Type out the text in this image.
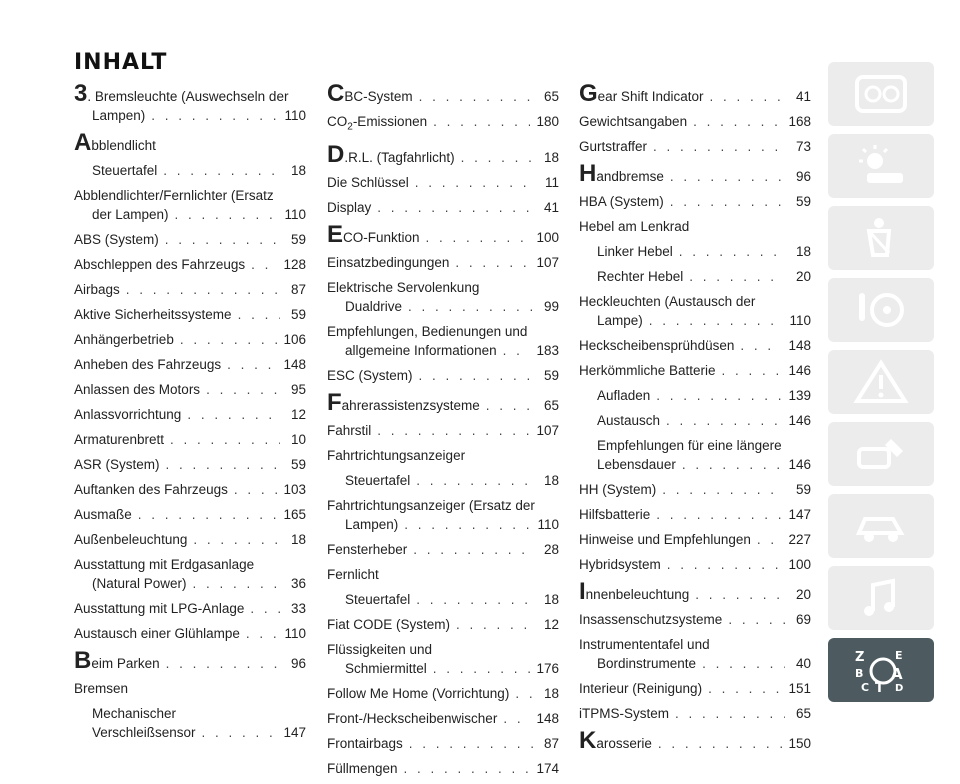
INHALT
3. Bremsleuchte (Auswechseln der
Lampen) . . .	110
Abblendlicht
Steuertafel . . .	18
Abblendlichter/Fernlichter (Ersatz
der Lampen) . . .	110
ABS (System) . . .	59
Abschleppen des Fahrzeugs . . .	128
Airbags . . .	87
Aktive Sicherheitssysteme . . .	59
Anhängerbetrieb . . .	106
Anheben des Fahrzeugs . . .	148
Anlassen des Motors . . .	95
Anlassvorrichtung . . .	12
Armaturenbrett . . .	10
ASR (System) . . .	59
Auftanken des Fahrzeugs . . .	103
Ausmaße . . .	165
Außenbeleuchtung . . .	18
Ausstattung mit Erdgasanlage
(Natural Power) . . .	36
Ausstattung mit LPG-Anlage . . .	33
Austausch einer Glühlampe . . .	110
Beim Parken . . .	96
Bremsen
Mechanischer
Verschleißsensor . . .	147
CBC-System . . .	65
$CO_2$-Emissionen . . .	180
D.R.L. (Tagfahrlicht) . . .	18
Die Schlüssel . . .	11
Display . . .	41
ECO-Funktion . . .	100
Einsatzbedingungen . . .	107
Elektrische Servolenkung
Dualdrive . . .	99
Empfehlungen, Bedienungen und
allgemeine Informationen . . .	183
ESC (System) . . .	59
Fahrerassistenzsysteme . . .	65
Fahrstil . . .	107
Fahrtrichtungsanzeiger
Steuertafel . . .	18
Fahrtrichtungsanzeiger (Ersatz der
Lampen) . . .	110
Fensterheber . . .	28
Fernlicht
Steuertafel . . .	18
Fiat CODE (System) . . .	12
Flüssigkeiten und
Schmiermittel . . .	176
Follow Me Home (Vorrichtung) . . .	18
Front-/Heckscheibenwischer . . .	148
Frontairbags . . .	87
Füllmengen . . .	174
Gear Shift Indicator . . .	41
Gewichtsangaben . . .	168
Gurtstraffer . . .	73
Handbremse . . .	96
HBA (System) . . .	59
Hebel am Lenkrad
Linker Hebel . . .	18
Rechter Hebel . . .	20
Heckleuchten (Austausch der
Lampe) . . .	110
Heckscheibensprühdüsen . . .	148
Herkömmliche Batterie . . .	146
Aufladen . . .	139
Austausch . . .	146
Empfehlungen für eine längere
Lebensdauer . . .	146
HH (System) . . .	59
Hilfsbatterie . . .	147
Hinweise und Empfehlungen . . .	227
Hybridsystem . . .	100
Innenbeleuchtung . . .	20
Insassenschutzsysteme . . .	69
Instrumententafel und
Bordinstrumente . . .	40
Interieur (Reinigung) . . .	151
iTPMS-System . . .	65
Karosserie . . .	150
Z	E
B A
C T D
